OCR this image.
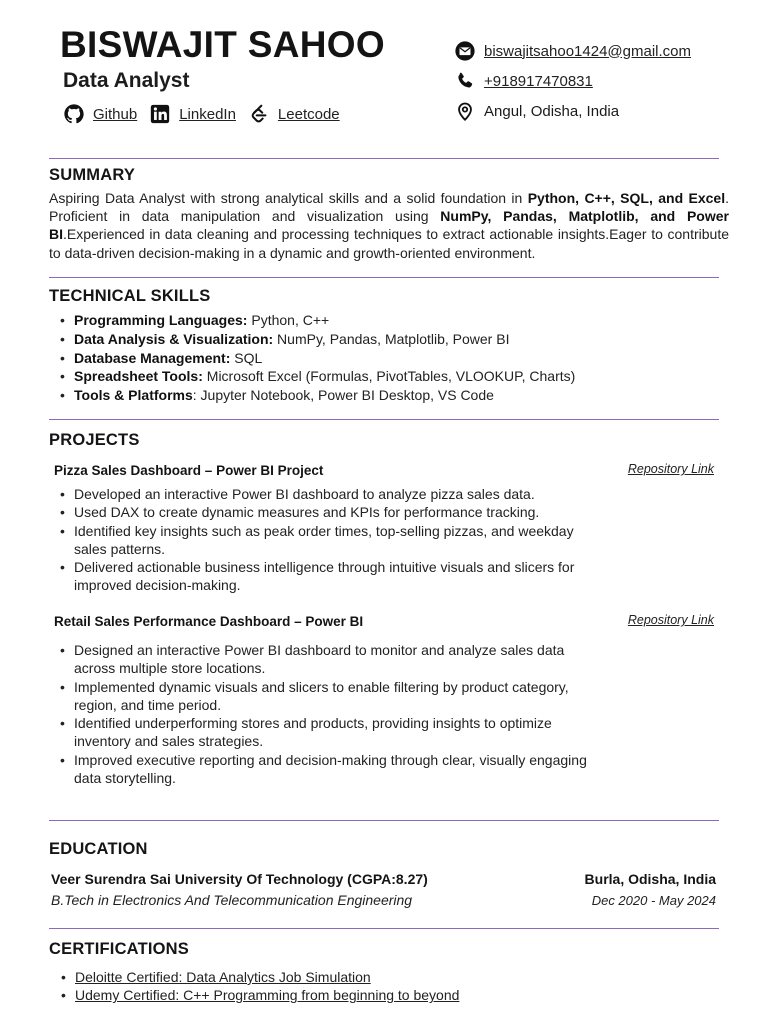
BISWAJIT SAHOO
Data Analyst
Github	LinkedIn	Leetcode
biswajitsahoo1424@gmail.com
+918917470831
Angul, Odisha, India
SUMMARY
Aspiring Data Analyst with strong analytical skills and a solid foundation in Python, C++, SQL, and Excel. Proficient in data manipulation and visualization using NumPy, Pandas, Matplotlib, and Power BI.Experienced in data cleaning and processing techniques to extract actionable insights.Eager to contribute to data-driven decision-making in a dynamic and growth-oriented environment.
TECHNICAL SKILLS
• Programming Languages: Python, C++
• Data Analysis & Visualization: NumPy, Pandas, Matplotlib, Power BI
• Database Management: SQL
• Spreadsheet Tools: Microsoft Excel (Formulas, PivotTables, VLOOKUP, Charts)
• Tools & Platforms: Jupyter Notebook, Power BI Desktop, VS Code
PROJECTS
Pizza Sales Dashboard – Power BI Project	Repository Link
• Developed an interactive Power BI dashboard to analyze pizza sales data.
• Used DAX to create dynamic measures and KPIs for performance tracking.
• Identified key insights such as peak order times, top-selling pizzas, and weekday sales patterns.
• Delivered actionable business intelligence through intuitive visuals and slicers for improved decision-making.
Retail Sales Performance Dashboard – Power BI	Repository Link
• Designed an interactive Power BI dashboard to monitor and analyze sales data across multiple store locations.
• Implemented dynamic visuals and slicers to enable filtering by product category, region, and time period.
• Identified underperforming stores and products, providing insights to optimize inventory and sales strategies.
• Improved executive reporting and decision-making through clear, visually engaging data storytelling.
EDUCATION
Veer Surendra Sai University Of Technology (CGPA:8.27)	Burla, Odisha, India
B.Tech in Electronics And Telecommunication Engineering	Dec 2020 - May 2024
CERTIFICATIONS
• Deloitte Certified: Data Analytics Job Simulation
• Udemy Certified: C++ Programming from beginning to beyond
